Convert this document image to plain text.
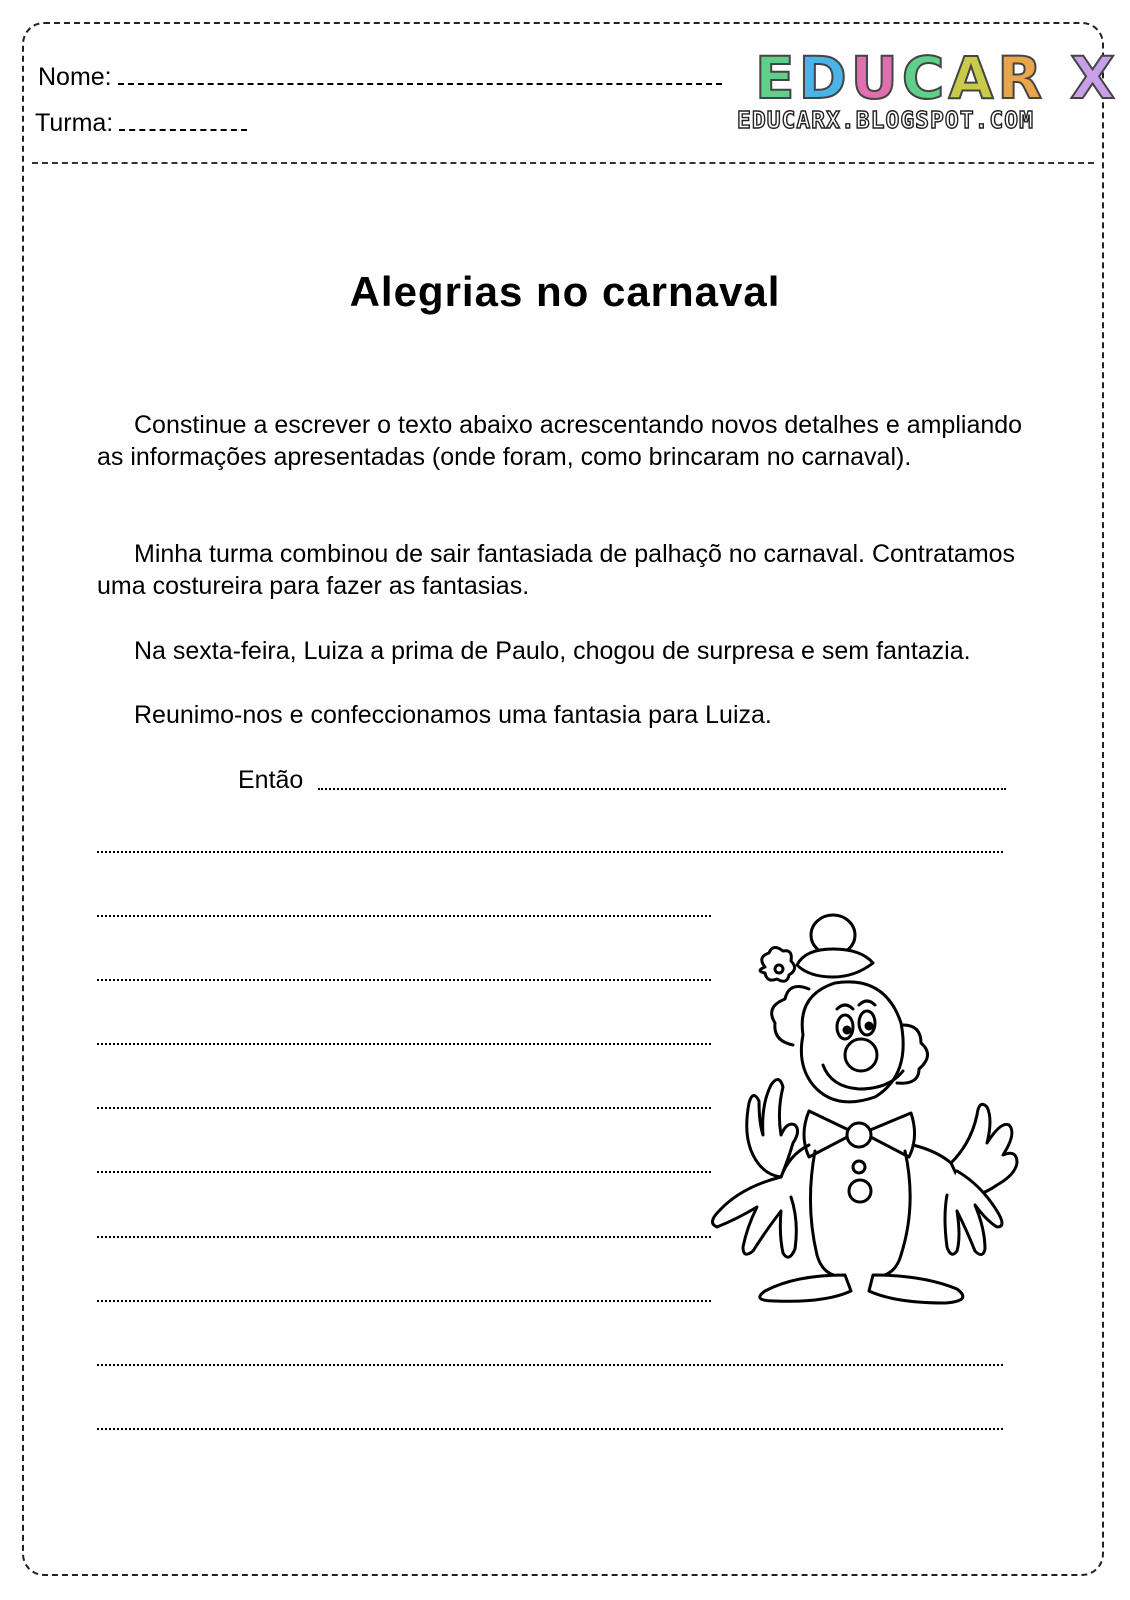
Nome:
Turma:
EDUCAR X
EDUCARX.BLOGSPOT.COM
Alegrias no carnaval

Constinue a escrever o texto abaixo acrescentando novos detalhes e ampliando as informações apresentadas (onde foram, como brincaram no carnaval).

Minha turma combinou de sair fantasiada de palhaçõ no carnaval. Contratamos uma costureira para fazer as fantasias.

Na sexta-feira, Luiza a prima de Paulo, chogou de surpresa e sem fantazia.

Reunimo-nos e confeccionamos uma fantasia para Luiza.

Então
